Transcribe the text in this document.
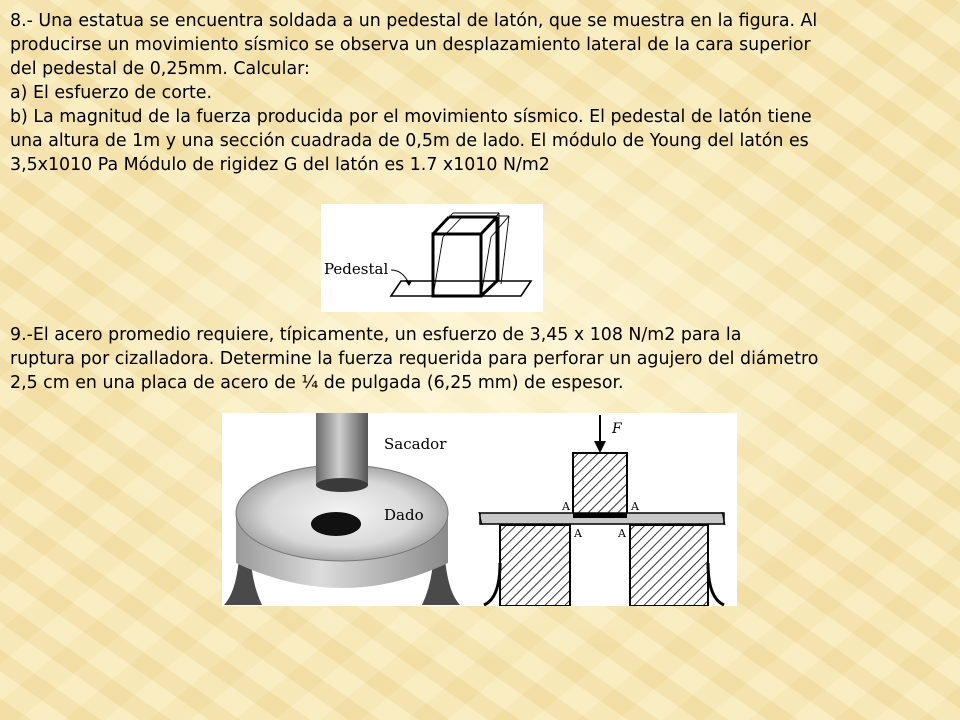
8.- Una estatua se encuentra soldada a un pedestal de latón, que se muestra en la figura. Al

producirse un movimiento sísmico se observa un desplazamiento lateral de la cara superior

del pedestal de 0,25mm. Calcular:

a) El esfuerzo de corte.

b) La magnitud de la fuerza producida por el movimiento sísmico. El pedestal de latón tiene

una altura de 1m y una sección cuadrada de 0,5m de lado. El módulo de Young del latón es

3,5x1010 Pa Módulo de rigidez G del latón es 1.7 x1010 N/m2

Pedestal

9.-El acero promedio requiere, típicamente, un esfuerzo de 3,45 x 108 N/m2 para la

ruptura por cizalladora. Determine la fuerza requerida para perforar un agujero del diámetro

2,5 cm en una placa de acero de ¼ de pulgada (6,25 mm) de espesor.

Sacador
Dado
F
A	A
A	A
